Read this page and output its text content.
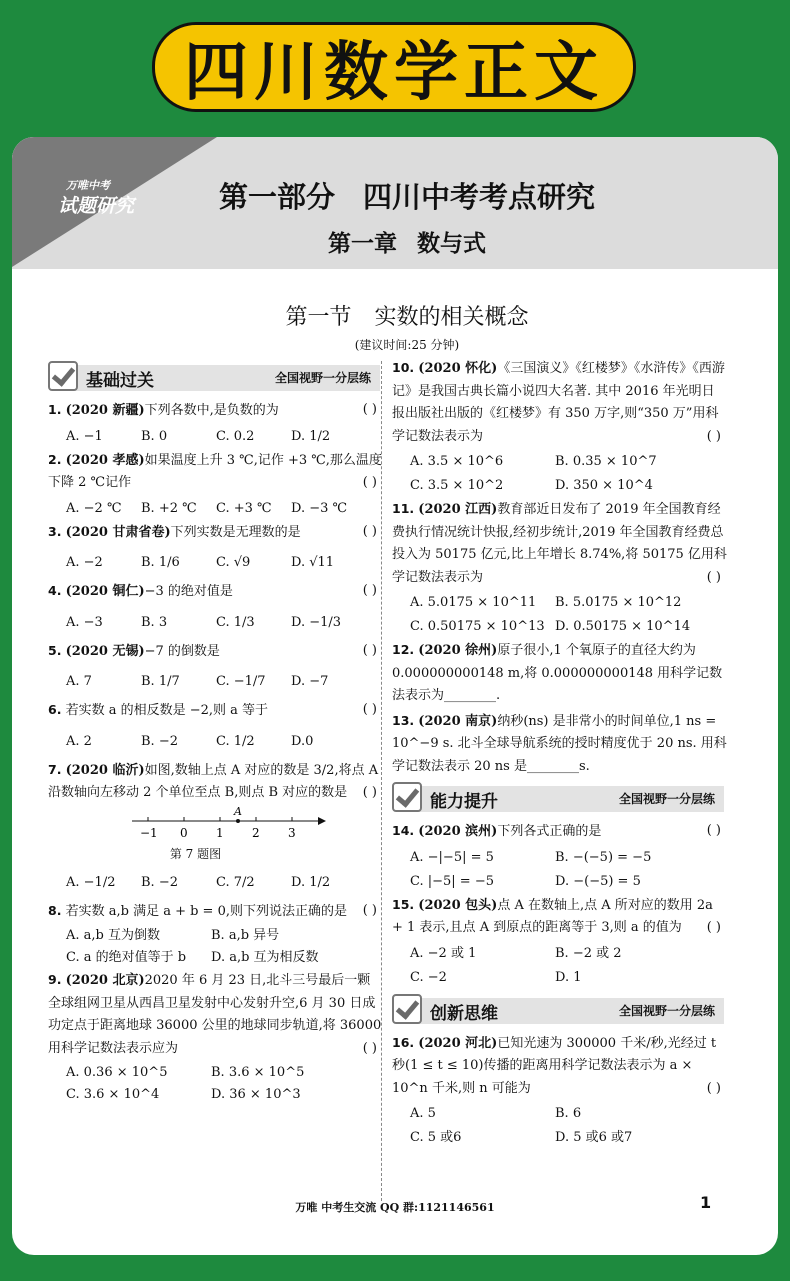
四川数学正文
万唯中考
试题研究	第一部分 四川中考考点研究
第一章 数与式
第一节 实数的相关概念
(建议时间:25 分钟)
基础过关	全国视野一分层练
1. (2020 新疆)下列各数中,是负数的为	( )
A. −1	B. 0	C. 0.2	D. 1/2
2. (2020 孝感)如果温度上升 3 ℃,记作 +3 ℃,那么温度下降 2 ℃记作	( )
A. −2 ℃	B. +2 ℃	C. +3 ℃	D. −3 ℃
3. (2020 甘肃省卷)下列实数是无理数的是	( )
A. −2	B. 1/6	C. √9	D. √11
4. (2020 铜仁)−3 的绝对值是	( )
A. −3	B. 3	C. 1/3	D. −1/3
5. (2020 无锡)−7 的倒数是	( )
A. 7	B. 1/7	C. −1/7	D. −7
6. 若实数 a 的相反数是 −2,则 a 等于	( )
A. 2	B. −2	C. 1/2	D.0
7. (2020 临沂)如图,数轴上点 A 对应的数是 3/2,将点 A 沿数轴向左移动 2 个单位至点 B,则点 B 对应的数是 ( )
A
−1 0 1 2 3
第 7 题图
A. −1/2	B. −2	C. 7/2	D. 1/2
8. 若实数 a,b 满足 a + b = 0,则下列说法正确的是 ( )
A. a,b 互为倒数	B. a,b 异号
C. a 的绝对值等于 b	D. a,b 互为相反数
9. (2020 北京)2020 年 6 月 23 日,北斗三号最后一颗全球组网卫星从西昌卫星发射中心发射升空,6 月 30 日成功定点于距离地球 36000 公里的地球同步轨道,将 36000 用科学记数法表示应为	( )
A. 0.36 × 10^5	B. 3.6 × 10^5
C. 3.6 × 10^4	D. 36 × 10^3
10. (2020 怀化)《三国演义》《红楼梦》《水浒传》《西游记》是我国古典长篇小说四大名著. 其中 2016 年光明日报出版社出版的《红楼梦》有 350 万字,则“350 万”用科学记数法表示为	( )
A. 3.5 × 10^6	B. 0.35 × 10^7
C. 3.5 × 10^2	D. 350 × 10^4
11. (2020 江西)教育部近日发布了 2019 年全国教育经费执行情况统计快报,经初步统计,2019 年全国教育经费总投入为 50175 亿元,比上年增长 8.74%,将 50175 亿用科学记数法表示为	( )
A. 5.0175 × 10^11	B. 5.0175 × 10^12
C. 0.50175 × 10^13 D. 0.50175 × 10^14
12. (2020 徐州)原子很小,1 个氧原子的直径大约为 0.000000000148 m,将 0.000000000148 用科学记数法表示为________.
13. (2020 南京)纳秒(ns) 是非常小的时间单位,1 ns = 10^−9 s. 北斗全球导航系统的授时精度优于 20 ns. 用科学记数法表示 20 ns 是________s.
能力提升	全国视野一分层练
14. (2020 滨州)下列各式正确的是	( )
A. −|−5| = 5	B. −(−5) = −5
C. |−5| = −5	D. −(−5) = 5
15. (2020 包头)点 A 在数轴上,点 A 所对应的数用 2a + 1 表示,且点 A 到原点的距离等于 3,则 a 的值为 ( )
A. −2 或 1	B. −2 或 2
C. −2	D. 1
创新思维	全国视野一分层练
16. (2020 河北)已知光速为 300000 千米/秒,光经过 t 秒(1 ≤ t ≤ 10)传播的距离用科学记数法表示为 a × 10^n 千米,则 n 可能为	( )
A. 5	B. 6
C. 5 或6	D. 5 或6 或7
万唯 中考生交流 QQ 群:1121146561	1
